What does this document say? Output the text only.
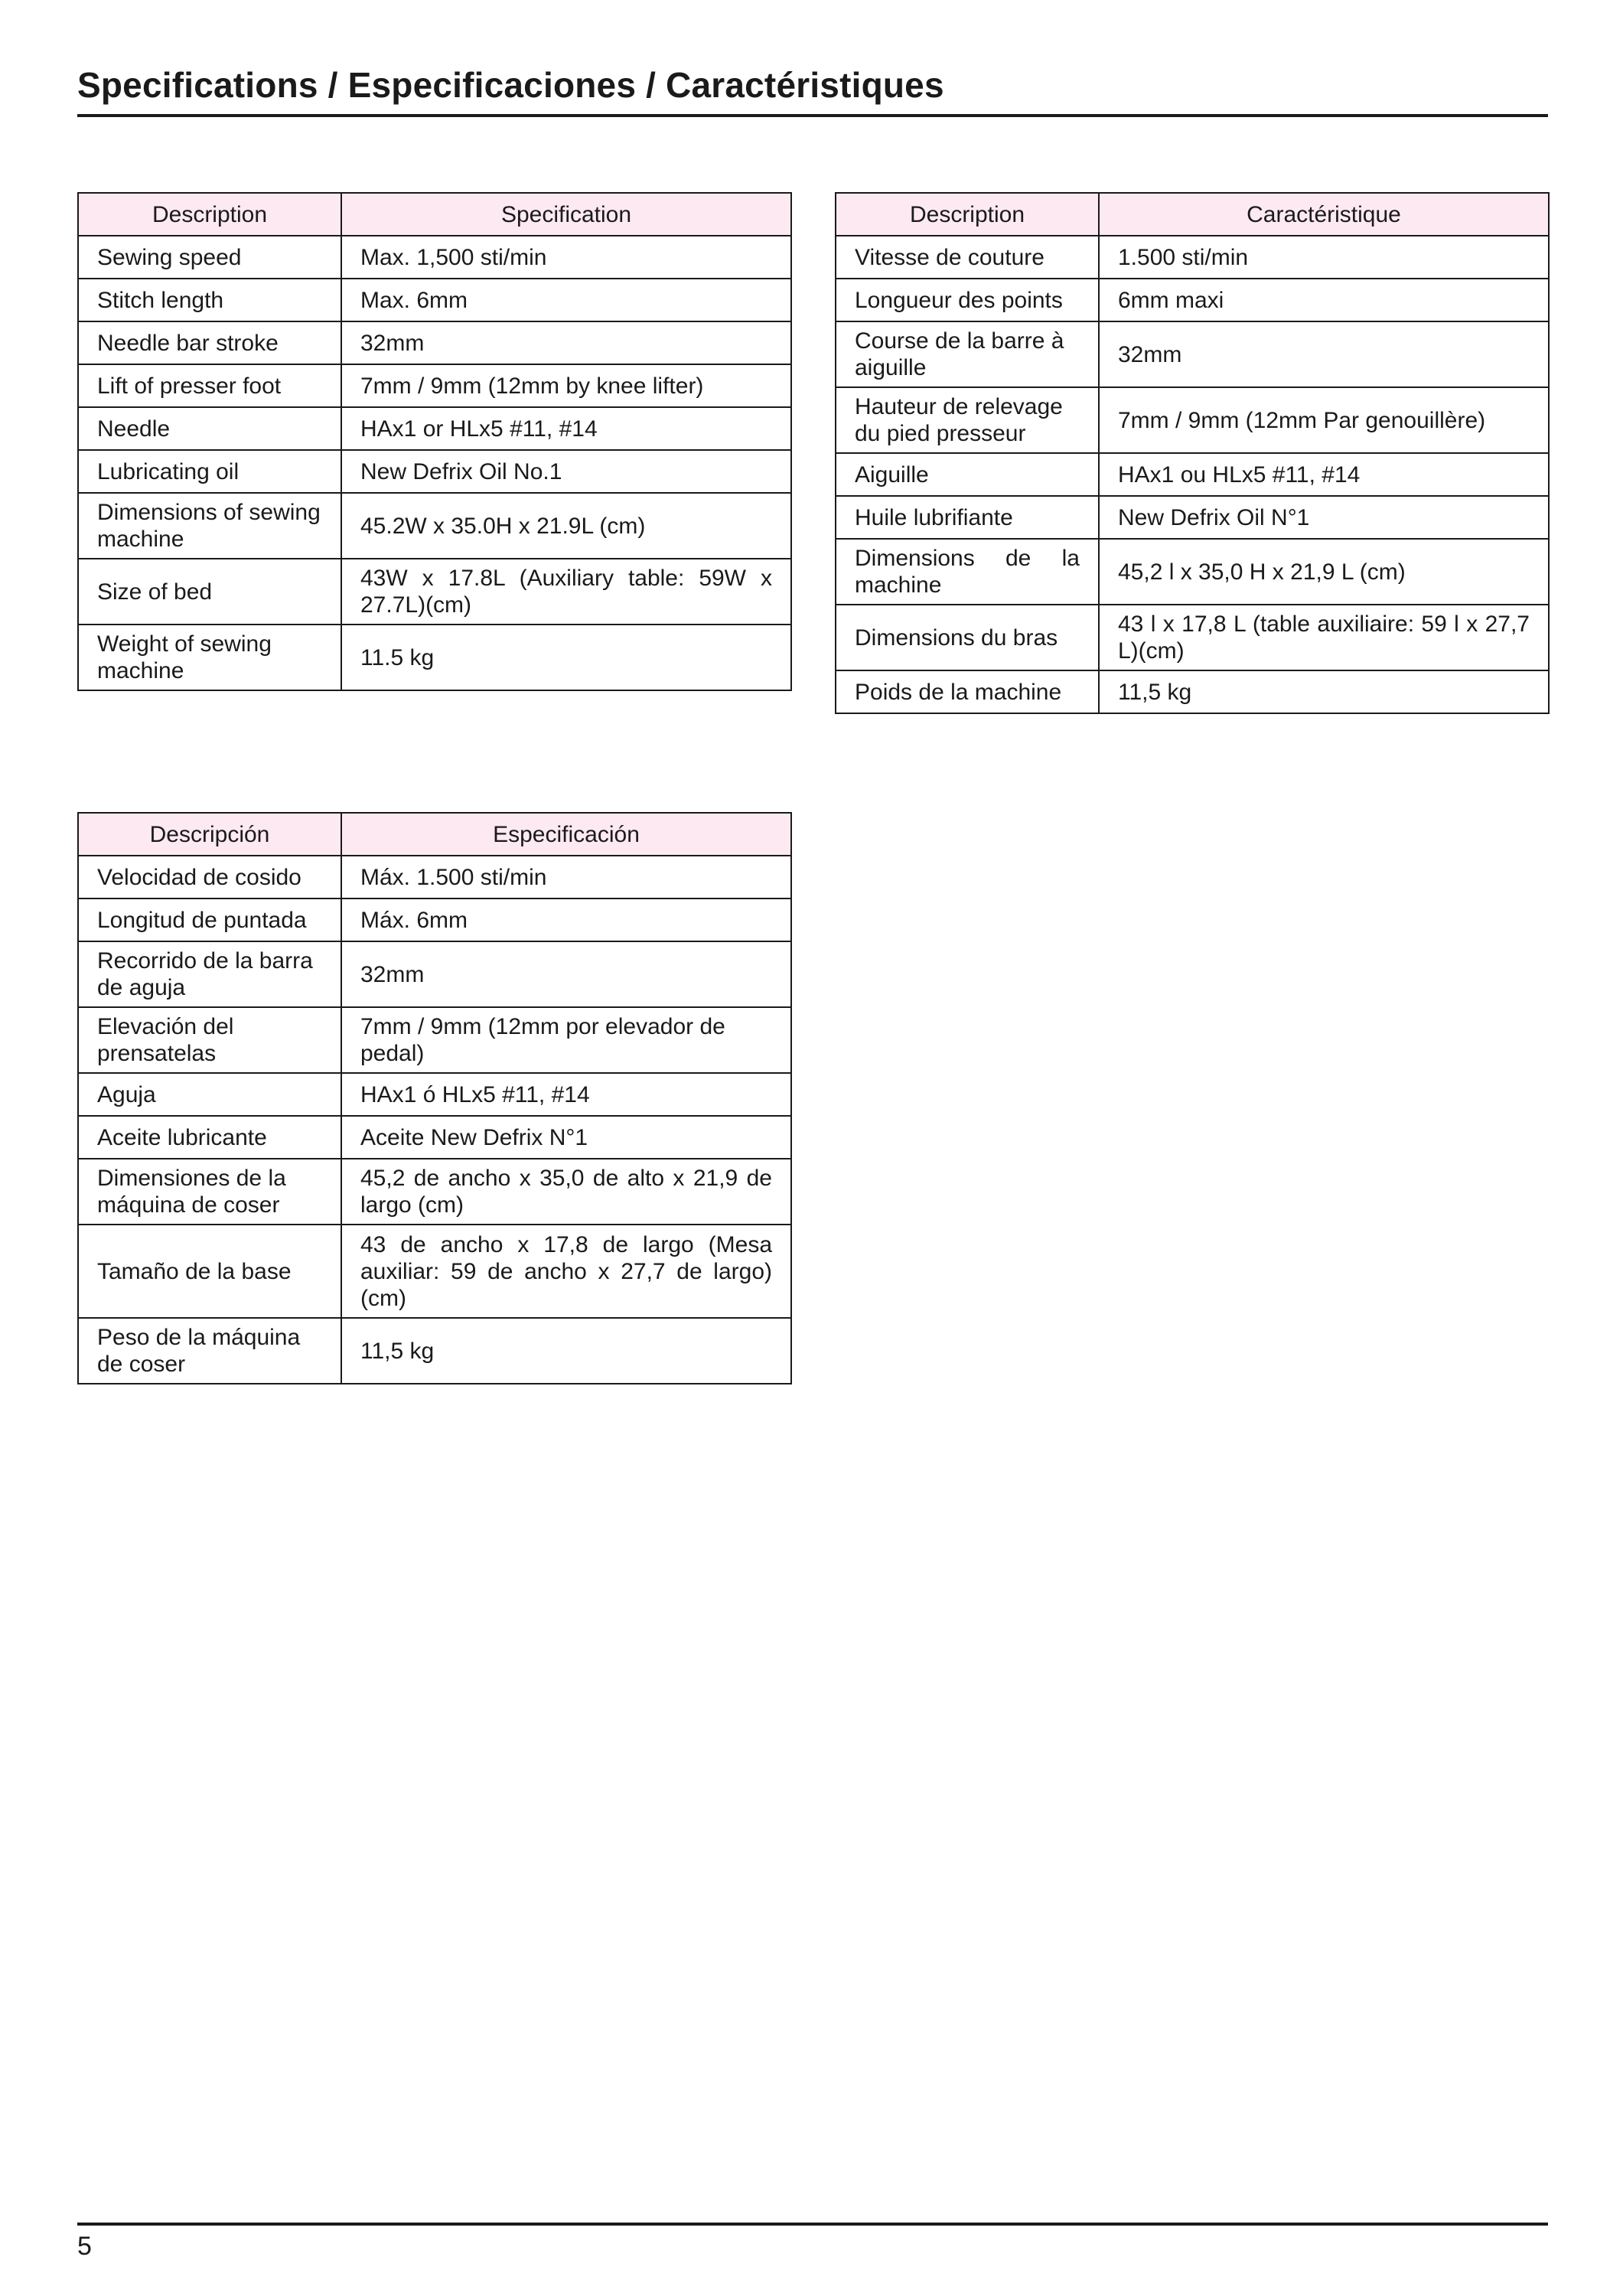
Specifications / Especificaciones / Caractéristiques
Description	Specification
Sewing speed	Max. 1,500 sti/min
Stitch length	Max. 6mm
Needle bar stroke	32mm
Lift of presser foot	7mm / 9mm (12mm by knee lifter)
Needle	HAx1 or HLx5 #11, #14
Lubricating oil	New Defrix Oil No.1
Dimensions of sewing machine	45.2W x 35.0H x 21.9L (cm)
Size of bed	43W x 17.8L (Auxiliary table: 59W x 27.7L)(cm)
Weight of sewing machine	11.5 kg
Description	Caractéristique
Vitesse de couture	1.500 sti/min
Longueur des points	6mm maxi
Course de la barre à aiguille	32mm
Hauteur de relevage du pied presseur	7mm / 9mm (12mm Par genouillère)
Aiguille	HAx1 ou HLx5 #11, #14
Huile lubrifiante	New Defrix Oil N°1
Dimensions de la machine	45,2 l x 35,0 H x 21,9 L (cm)
Dimensions du bras	43 l x 17,8 L (table auxiliaire: 59 l x 27,7 L)(cm)
Poids de la machine	11,5 kg
Descripción	Especificación
Velocidad de cosido	Máx. 1.500 sti/min
Longitud de puntada	Máx. 6mm
Recorrido de la barra de aguja	32mm
Elevación del prensatelas	7mm / 9mm (12mm por elevador de pedal)
Aguja	HAx1 ó HLx5 #11, #14
Aceite lubricante	Aceite New Defrix N°1
Dimensiones de la máquina de coser	45,2 de ancho x 35,0 de alto x 21,9 de largo (cm)
Tamaño de la base	43 de ancho x 17,8 de largo (Mesa auxiliar: 59 de ancho x 27,7 de largo)(cm)
Peso de la máquina de coser	11,5 kg
5
